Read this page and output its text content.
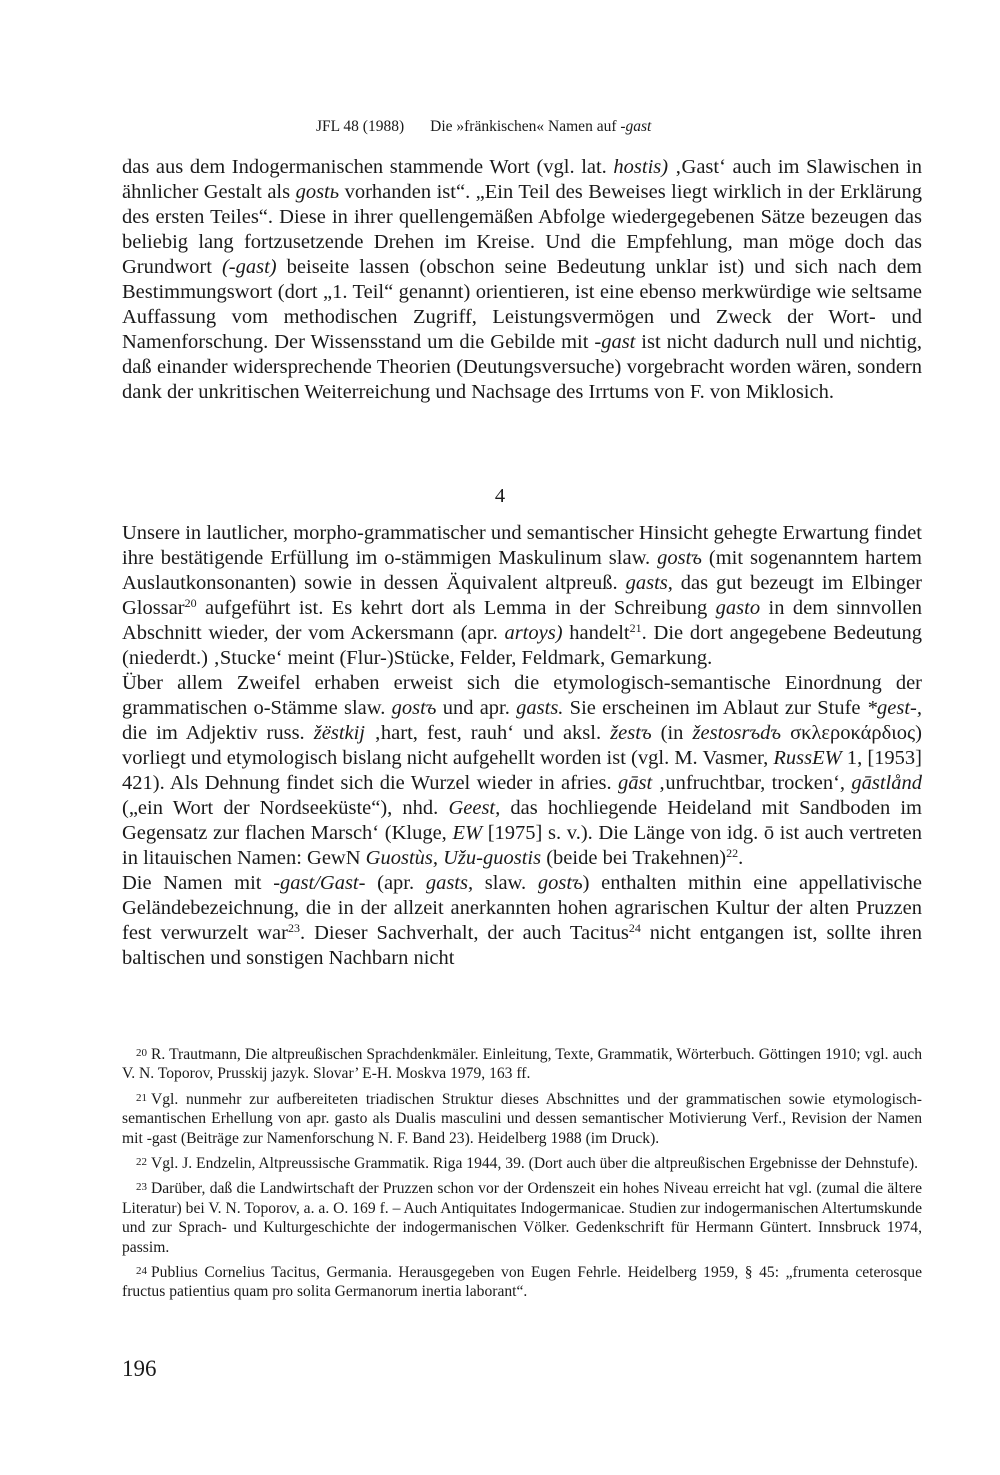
JFL 48 (1988) Die »fränkischen« Namen auf -gast

das aus dem Indogermanischen stammende Wort (vgl. lat. hostis) ‚Gast‘ auch im Slawischen in ähnlicher Gestalt als gostь vorhanden ist“. „Ein Teil des Beweises liegt wirklich in der Erklärung des ersten Teiles“. Diese in ihrer quellengemäßen Abfolge wiedergegebenen Sätze bezeugen das beliebig lang fortzusetzende Drehen im Kreise. Und die Empfehlung, man möge doch das Grundwort (-gast) beiseite lassen (obschon seine Bedeutung unklar ist) und sich nach dem Bestimmungswort (dort „1. Teil“ genannt) orientieren, ist eine ebenso merkwürdige wie seltsame Auffassung vom methodischen Zugriff, Leistungsvermögen und Zweck der Wort- und Namenforschung. Der Wissensstand um die Gebilde mit -gast ist nicht dadurch null und nichtig, daß einander widersprechende Theorien (Deutungsversuche) vorgebracht worden wären, sondern dank der unkritischen Weiterreichung und Nachsage des Irrtums von F. von Miklosich.

4

Unsere in lautlicher, morpho-grammatischer und semantischer Hinsicht gehegte Erwartung findet ihre bestätigende Erfüllung im o-stämmigen Maskulinum slaw. gostъ (mit sogenanntem hartem Auslautkonsonanten) sowie in dessen Äquivalent altpreuß. gasts, das gut bezeugt im Elbinger Glossar$^{20}$ aufgeführt ist. Es kehrt dort als Lemma in der Schreibung gasto in dem sinnvollen Abschnitt wieder, der vom Ackersmann (apr. artoys) handelt$^{21}$. Die dort angegebene Bedeutung (niederdt.) ‚Stucke‘ meint (Flur-)Stücke, Felder, Feldmark, Gemarkung.

Über allem Zweifel erhaben erweist sich die etymologisch-semantische Einordnung der grammatischen o-Stämme slaw. gostъ und apr. gasts. Sie erscheinen im Ablaut zur Stufe *gest-, die im Adjektiv russ. žëstkij ‚hart, fest, rauh‘ und aksl. žestъ (in žestosrъdъ σκλεροκάρδιος) vorliegt und etymologisch bislang nicht aufgehellt worden ist (vgl. M. Vasmer, RussEW 1, [1953] 421). Als Dehnung findet sich die Wurzel wieder in afries. gāst ‚unfruchtbar, trocken‘, gāstlånd („ein Wort der Nordseeküste“), nhd. Geest, das hochliegende Heideland mit Sandboden im Gegensatz zur flachen Marsch‘ (Kluge, EW [1975] s. v.). Die Länge von idg. ō ist auch vertreten in litauischen Namen: GewN Guostùs, Užu-guostis (beide bei Trakehnen)$^{22}$.

Die Namen mit -gast/Gast- (apr. gasts, slaw. gostъ) enthalten mithin eine appellativische Geländebezeichnung, die in der allzeit anerkannten hohen agrarischen Kultur der alten Pruzzen fest verwurzelt war$^{23}$. Dieser Sachverhalt, der auch Tacitus$^{24}$ nicht entgangen ist, sollte ihren baltischen und sonstigen Nachbarn nicht

20 R. Trautmann, Die altpreußischen Sprachdenkmäler. Einleitung, Texte, Grammatik, Wörterbuch. Göttingen 1910; vgl. auch V. N. Toporov, Prusskij jazyk. Slovar’ E-H. Moskva 1979, 163 ff.

21 Vgl. nunmehr zur aufbereiteten triadischen Struktur dieses Abschnittes und der grammatischen sowie etymologisch-semantischen Erhellung von apr. gasto als Dualis masculini und dessen semantischer Motivierung Verf., Revision der Namen mit -gast (Beiträge zur Namenforschung N. F. Band 23). Heidelberg 1988 (im Druck).

22 Vgl. J. Endzelin, Altpreussische Grammatik. Riga 1944, 39. (Dort auch über die altpreußischen Ergebnisse der Dehnstufe).

23 Darüber, daß die Landwirtschaft der Pruzzen schon vor der Ordenszeit ein hohes Niveau erreicht hat vgl. (zumal die ältere Literatur) bei V. N. Toporov, a. a. O. 169 f. – Auch Antiquitates Indogermanicae. Studien zur indogermanischen Altertumskunde und zur Sprach- und Kulturgeschichte der indogermanischen Völker. Gedenkschrift für Hermann Güntert. Innsbruck 1974, passim.

24 Publius Cornelius Tacitus, Germania. Herausgegeben von Eugen Fehrle. Heidelberg 1959, § 45: „frumenta ceterosque fructus patientius quam pro solita Germanorum inertia laborant“.

196
